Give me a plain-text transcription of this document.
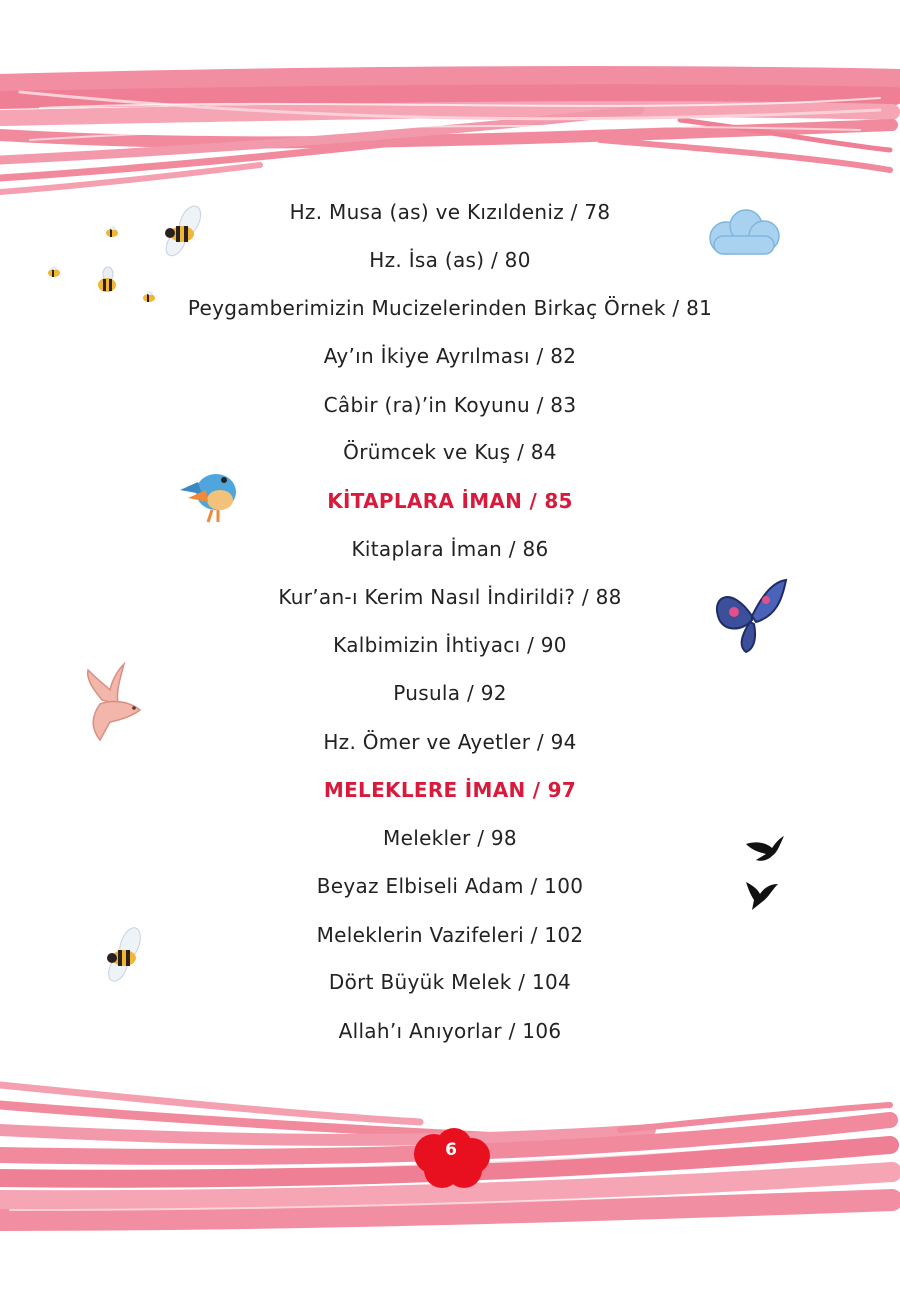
Hz. Musa (as) ve Kızıldeniz / 78
Hz. İsa (as) / 80
Peygamberimizin Mucizelerinden Birkaç Örnek / 81
Ay’ın İkiye Ayrılması / 82
Câbir (ra)’in Koyunu / 83
Örümcek ve Kuş / 84
KİTAPLARA İMAN / 85
Kitaplara İman / 86
Kur’an-ı Kerim Nasıl İndirildi? / 88
Kalbimizin İhtiyacı / 90
Pusula / 92
Hz. Ömer ve Ayetler / 94
MELEKLERE İMAN / 97
Melekler / 98
Beyaz Elbiseli Adam / 100
Meleklerin Vazifeleri / 102
Dört Büyük Melek / 104
Allah’ı Anıyorlar / 106
6
